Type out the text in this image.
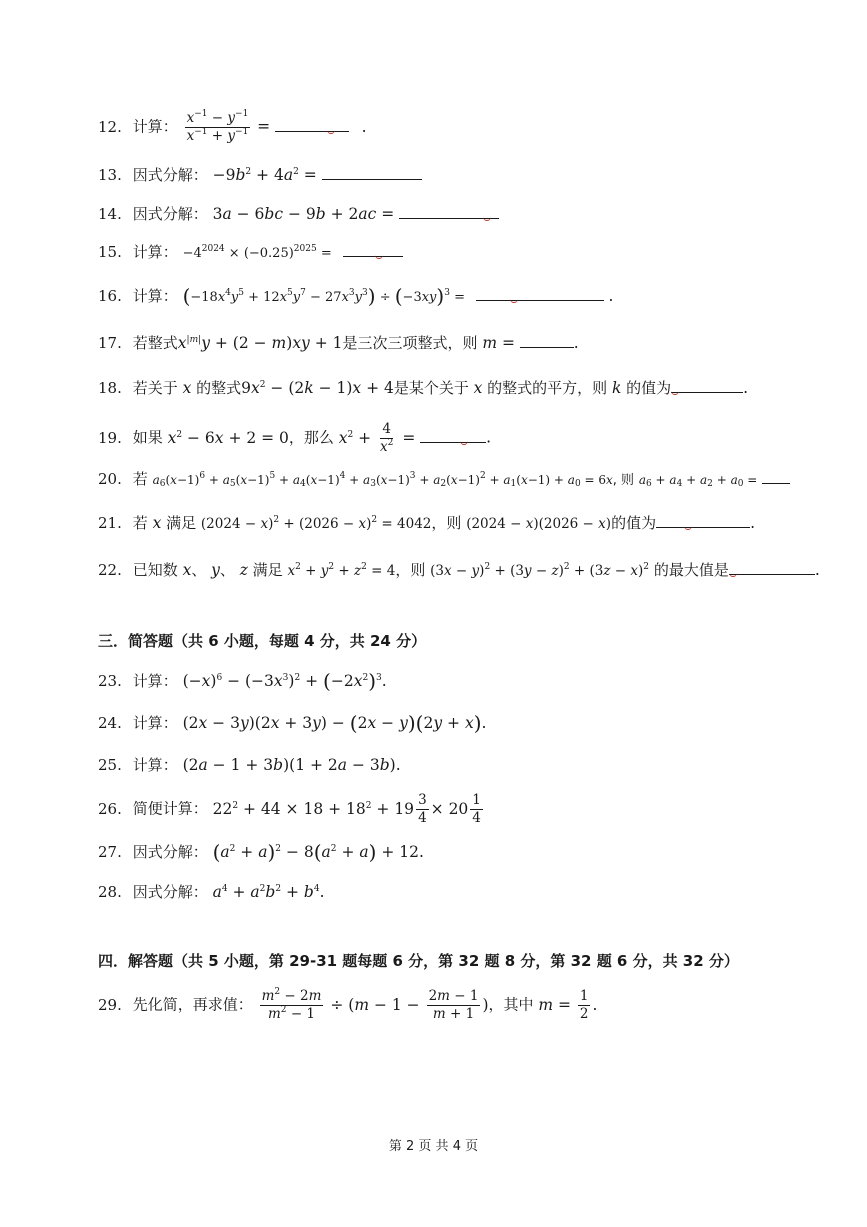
12. 计算： $\frac{x^{-1} - y^{-1}}{x^{-1} + y^{-1}}$ =	.
13. 因式分解： $-9b^2 + 4a^2$ =
14. 因式分解： 3a − 6bc − 9b + 2ac =
15. 计算： $-4^{2024} \times (-0.25)^{2025}$ =
16. 计算： $(-18x^4y^5 + 12x^5y^7 - 27x^3y^3) \div (-3xy)^3$ =	.
17. 若整式$x^{|m|}y + (2 - m)xy + 1$是三次三项整式，则 m =	.
18. 若关于 x 的整式$9x^2 - (2k - 1)x + 4$是某个关于 x 的整式的平方，则 k 的值为	.
19. 如果 $x^2 - 6x + 2 = 0$，那么 $x^2 + \frac{4}{x^2}$ =	.
20. 若 $a_6(x-1)^6 + a_5(x-1)^5 + a_4(x-1)^4 + a_3(x-1)^3 + a_2(x-1)^2 + a_1(x-1) + a_0 = 6x$, 则 $a_6 + a_4 + a_2 + a_0$ =
21. 若 x 满足 $(2024 - x)^2 + (2026 - x)^2 = 4042$，则 (2024 − x)(2026 − x)的值为	.
22. 已知数 x、 y、 z 满足 $x^2 + y^2 + z^2 = 4$，则 $(3x - y)^2 + (3y - z)^2 + (3z - x)^2$ 的最大值是	.
三．简答题（共 6 小题，每题 4 分，共 24 分）
23. 计算： $(-x)^6 - (-3x^3)^2 + (-2x^2)^3$.
24. 计算： (2x − 3y)(2x + 3y) − (2x − y)(2y + x).
25. 计算： (2a − 1 + 3b)(1 + 2a − 3b).
26. 简便计算： $22^2 + 44 \times 18 + 18^2 + 19 \frac{3}{4} \times 20 \frac{1}{4}$
27. 因式分解： $(a^2 + a)^2 - 8(a^2 + a) + 12$.
28. 因式分解： $a^4 + a^2b^2 + b^4$.
四．解答题（共 5 小题，第 29-31 题每题 6 分，第 32 题 8 分，第 32 题 6 分，共 32 分）
29. 先化简，再求值： $\frac{m^2 - 2m}{m^2 - 1} \div (m - 1 - \frac{2m - 1}{m + 1}$ )，其中 $m = \frac{1}{2}$ .
第 2 页 共 4 页
